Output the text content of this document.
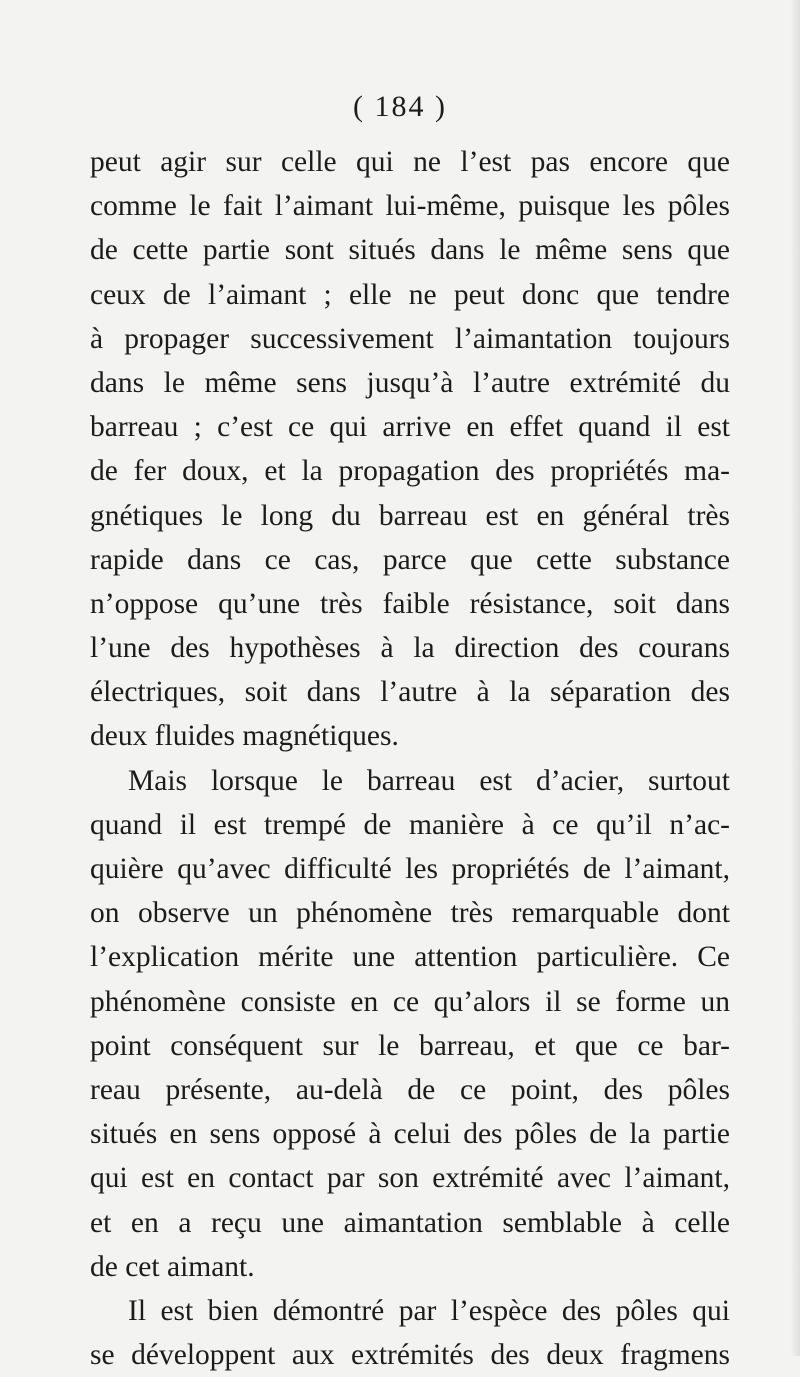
( 184 )
peut agir sur celle qui ne l’est pas encore que
comme le fait l’aimant lui-même, puisque les pôles
de cette partie sont situés dans le même sens que
ceux de l’aimant ; elle ne peut donc que tendre
à propager successivement l’aimantation toujours
dans le même sens jusqu’à l’autre extrémité du
barreau ; c’est ce qui arrive en effet quand il est
de fer doux, et la propagation des propriétés ma-
gnétiques le long du barreau est en général très
rapide dans ce cas, parce que cette substance
n’oppose qu’une très faible résistance, soit dans
l’une des hypothèses à la direction des courans
électriques, soit dans l’autre à la séparation des
deux fluides magnétiques.
Mais lorsque le barreau est d’acier, surtout
quand il est trempé de manière à ce qu’il n’ac-
quière qu’avec difficulté les propriétés de l’aimant,
on observe un phénomène très remarquable dont
l’explication mérite une attention particulière. Ce
phénomène consiste en ce qu’alors il se forme un
point conséquent sur le barreau, et que ce bar-
reau présente, au-delà de ce point, des pôles
situés en sens opposé à celui des pôles de la partie
qui est en contact par son extrémité avec l’aimant,
et en a reçu une aimantation semblable à celle
de cet aimant.
Il est bien démontré par l’espèce des pôles qui
se développent aux extrémités des deux fragmens
